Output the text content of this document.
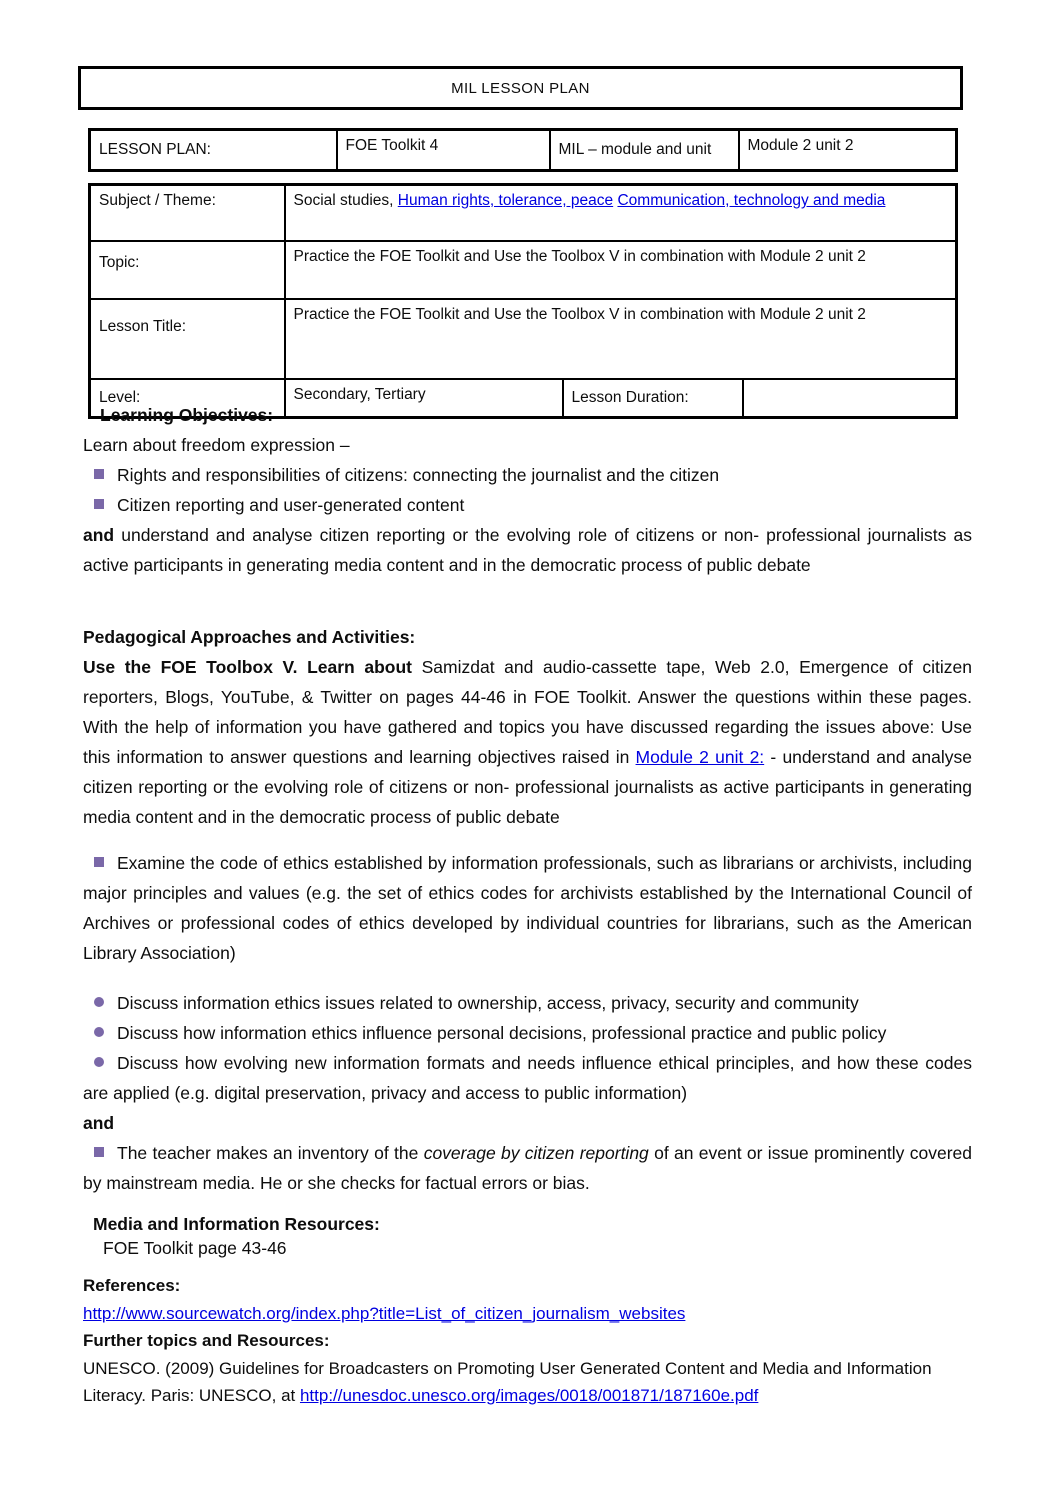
MIL LESSON PLAN
LESSON PLAN:	FOE Toolkit 4	MIL – module and unit	Module 2 unit 2
Subject / Theme:	Social studies, Human rights, tolerance, peace Communication, technology and media		
Topic:	Practice the FOE Toolkit and Use the Toolbox V in combination with Module 2 unit 2		
Lesson Title:	Practice the FOE Toolkit and Use the Toolbox V in combination with Module 2 unit 2		
Level:	Secondary, Tertiary	Lesson Duration:	

Learning Objectives:

Learn about freedom expression –

Rights and responsibilities of citizens: connecting the journalist and the citizen

Citizen reporting and user-generated content

and understand and analyse citizen reporting or the evolving role of citizens or non- professional journalists as active participants in generating media content and in the democratic process of public debate

Pedagogical Approaches and Activities:

Use the FOE Toolbox V. Learn about Samizdat and audio-cassette tape, Web 2.0, Emergence of citizen reporters, Blogs, YouTube, & Twitter on pages 44-46 in FOE Toolkit. Answer the questions within these pages. With the help of information you have gathered and topics you have discussed regarding the issues above: Use this information to answer questions and learning objectives raised in Module 2 unit 2: - understand and analyse citizen reporting or the evolving role of citizens or non- professional journalists as active participants in generating media content and in the democratic process of public debate

Examine the code of ethics established by information professionals, such as librarians or archivists, including major principles and values (e.g. the set of ethics codes for archivists established by the International Council of Archives or professional codes of ethics developed by individual countries for librarians, such as the American Library Association)

Discuss information ethics issues related to ownership, access, privacy, security and community

Discuss how information ethics influence personal decisions, professional practice and public policy

Discuss how evolving new information formats and needs influence ethical principles, and how these codes are applied (e.g. digital preservation, privacy and access to public information)

and

The teacher makes an inventory of the coverage by citizen reporting of an event or issue prominently covered by mainstream media. He or she checks for factual errors or bias.

Media and Information Resources:

FOE Toolkit page 43-46

References:

http://www.sourcewatch.org/index.php?title=List_of_citizen_journalism_websites

Further topics and Resources:

UNESCO. (2009) Guidelines for Broadcasters on Promoting User Generated Content and Media and Information Literacy. Paris: UNESCO, at http://unesdoc.unesco.org/images/0018/001871/187160e.pdf
